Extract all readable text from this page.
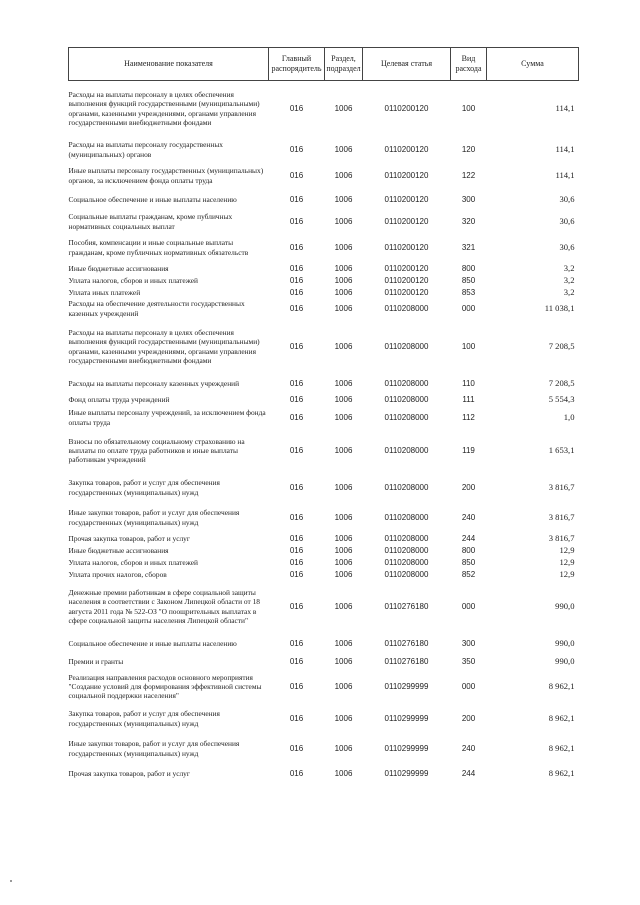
Наименование показателя	Главный распорядитель	Раздел, подраздел	Целевая статья	Вид расхода	Сумма
Расходы на выплаты персоналу в целях обеспечения выполнения функций государственными (муниципальными) органами, казенными учреждениями, органами управления государственными внебюджетными фондами	016	1006	0110200120	100	114,1
Расходы на выплаты персоналу государственных (муниципальных) органов	016	1006	0110200120	120	114,1
Иные выплаты персоналу государственных (муниципальных) органов, за исключением фонда оплаты труда	016	1006	0110200120	122	114,1
Социальное обеспечение и иные выплаты населению	016	1006	0110200120	300	30,6
Социальные выплаты гражданам, кроме публичных нормативных социальных выплат	016	1006	0110200120	320	30,6
Пособия, компенсации и иные социальные выплаты гражданам, кроме публичных нормативных обязательств	016	1006	0110200120	321	30,6
Иные бюджетные ассигнования	016	1006	0110200120	800	3,2
Уплата налогов, сборов и иных платежей	016	1006	0110200120	850	3,2
Уплата иных платежей	016	1006	0110200120	853	3,2
Расходы на обеспечение деятельности государственных казенных учреждений	016	1006	0110208000	000	11 038,1
Расходы на выплаты персоналу в целях обеспечения выполнения функций государственными (муниципальными) органами, казенными учреждениями, органами управления государственными внебюджетными фондами	016	1006	0110208000	100	7 208,5
Расходы на выплаты персоналу казенных учреждений	016	1006	0110208000	110	7 208,5
Фонд оплаты труда учреждений	016	1006	0110208000	111	5 554,3
Иные выплаты персоналу учреждений, за исключением фонда оплаты труда	016	1006	0110208000	112	1,0
Взносы по обязательному социальному страхованию на выплаты по оплате труда работников и иные выплаты работникам учреждений	016	1006	0110208000	119	1 653,1
Закупка товаров, работ и услуг для обеспечения государственных (муниципальных) нужд	016	1006	0110208000	200	3 816,7
Иные закупки товаров, работ и услуг для обеспечения государственных (муниципальных) нужд	016	1006	0110208000	240	3 816,7
Прочая закупка товаров, работ и услуг	016	1006	0110208000	244	3 816,7
Иные бюджетные ассигнования	016	1006	0110208000	800	12,9
Уплата налогов, сборов и иных платежей	016	1006	0110208000	850	12,9
Уплата прочих налогов, сборов	016	1006	0110208000	852	12,9
Денежные премии работникам в сфере социальной защиты населения в соответствии с Законом Липецкой области от 18 августа 2011 года № 522-ОЗ "О поощрительных выплатах в сфере социальной защиты населения Липецкой области"	016	1006	0110276180	000	990,0
Социальное обеспечение и иные выплаты населению	016	1006	0110276180	300	990,0
Премии и гранты	016	1006	0110276180	350	990,0
Реализация направления расходов основного мероприятия "Создание условий для формирования эффективной системы социальной поддержки населения"	016	1006	0110299999	000	8 962,1
Закупка товаров, работ и услуг для обеспечения государственных (муниципальных) нужд	016	1006	0110299999	200	8 962,1
Иные закупки товаров, работ и услуг для обеспечения государственных (муниципальных) нужд	016	1006	0110299999	240	8 962,1
Прочая закупка товаров, работ и услуг	016	1006	0110299999	244	8 962,1
